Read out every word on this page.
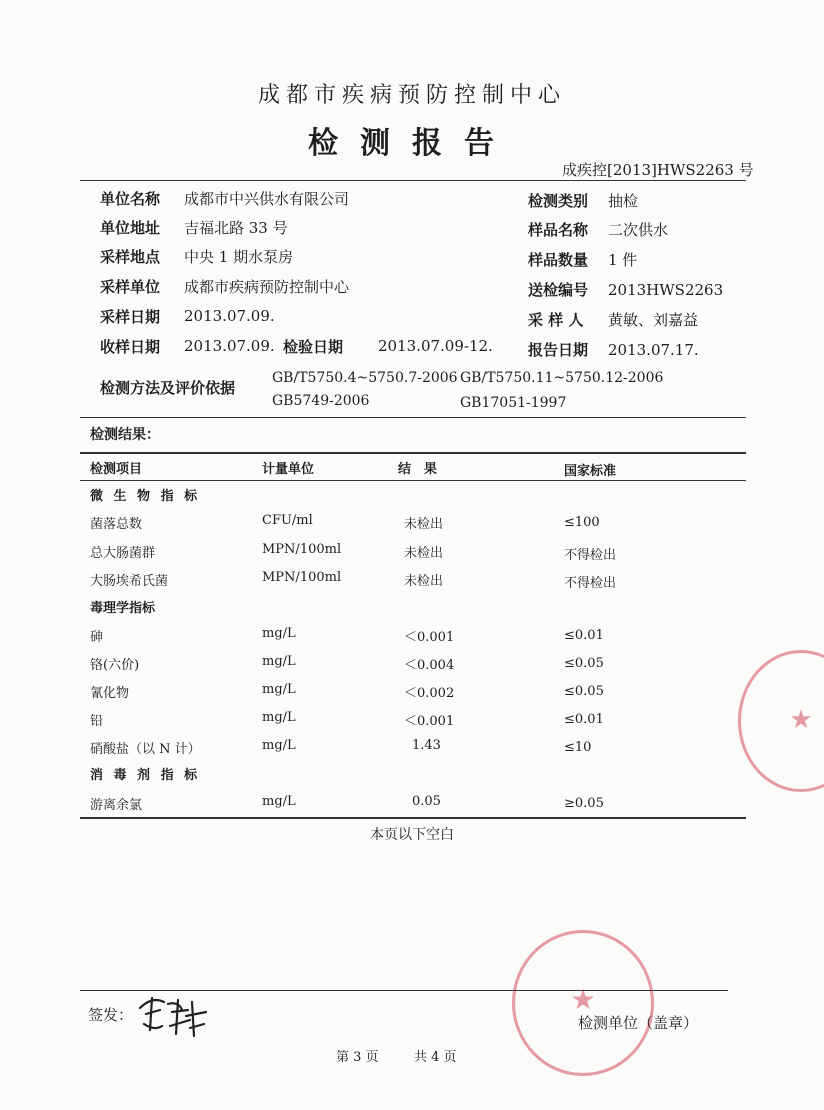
成都市疾病预防控制中心
检测报告
成疾控[2013]HWS2263 号
单位名称 成都市中兴供水有限公司
单位地址 吉福北路 33 号
采样地点 中央 1 期水泵房
采样单位 成都市疾病预防控制中心
采样日期 2013.07.09.
收样日期 2013.07.09. 检验日期 2013.07.09-12.
检测类别 抽检
样品名称 二次供水
样品数量 1 件
送检编号 2013HWS2263
采 样 人 黄敏、刘嘉益
报告日期 2013.07.17.
检测方法及评价依据
GB/T5750.4~5750.7-2006 GB/T5750.11~5750.12-2006
GB5749-2006	GB17051-1997
检测结果：
检测项目	计量单位	结　果	国家标准
微 生 物 指 标
菌落总数	CFU/ml	未检出	≤100
总大肠菌群	MPN/100ml	未检出	不得检出
大肠埃希氏菌	MPN/100ml	未检出	不得检出
毒理学指标
砷	mg/L	＜0.001	≤0.01
铬(六价)	mg/L	＜0.004	≤0.05
氰化物	mg/L	＜0.002	≤0.05
铅	mg/L	＜0.001	≤0.01
硝酸盐（以 N 计）	mg/L	1.43	≤10
消 毒 剂 指 标
游离余氯	mg/L	0.05	≥0.05
本页以下空白
★
★
签发：	检测单位（盖章）
第 3 页	共 4 页
